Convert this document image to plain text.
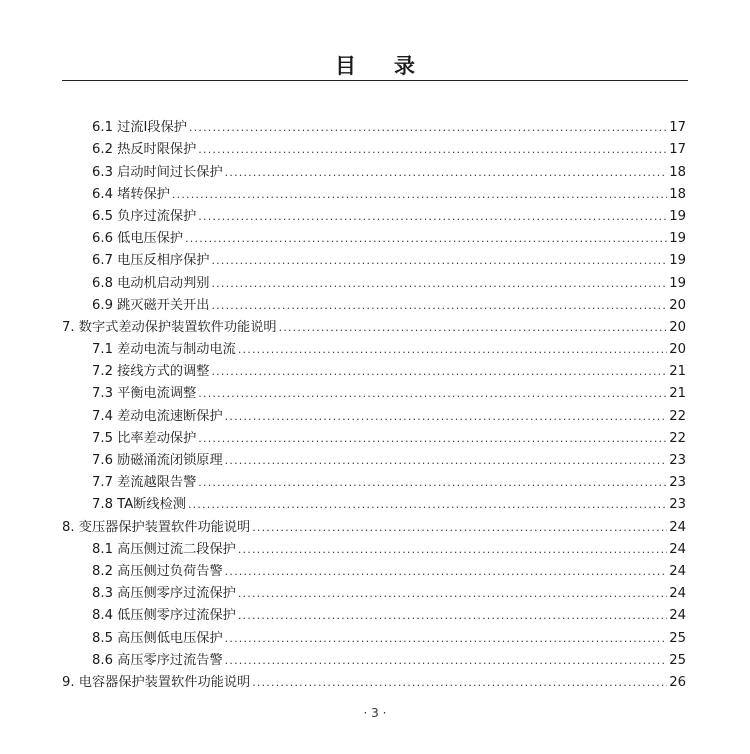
目录
6.1 过流I段保护 .....	17
6.2 热反时限保护 .....	17
6.3 启动时间过长保护 .....	18
6.4 堵转保护 .....	18
6.5 负序过流保护 .....	19
6.6 低电压保护 .....	19
6.7 电压反相序保护 .....	19
6.8 电动机启动判别 .....	19
6.9 跳灭磁开关开出 .....	20
7. 数字式差动保护装置软件功能说明 .....	20
7.1 差动电流与制动电流 .....	20
7.2 接线方式的调整 .....	21
7.3 平衡电流调整 .....	21
7.4 差动电流速断保护 .....	22
7.5 比率差动保护 .....	22
7.6 励磁涌流闭锁原理 .....	23
7.7 差流越限告警 .....	23
7.8 TA断线检测 .....	23
8. 变压器保护装置软件功能说明 .....	24
8.1 高压侧过流二段保护 .....	24
8.2 高压侧过负荷告警 .....	24
8.3 高压侧零序过流保护 .....	24
8.4 低压侧零序过流保护 .....	24
8.5 高压侧低电压保护 .....	25
8.6 高压零序过流告警 .....	25
9. 电容器保护装置软件功能说明 .....	26
· 3 ·
